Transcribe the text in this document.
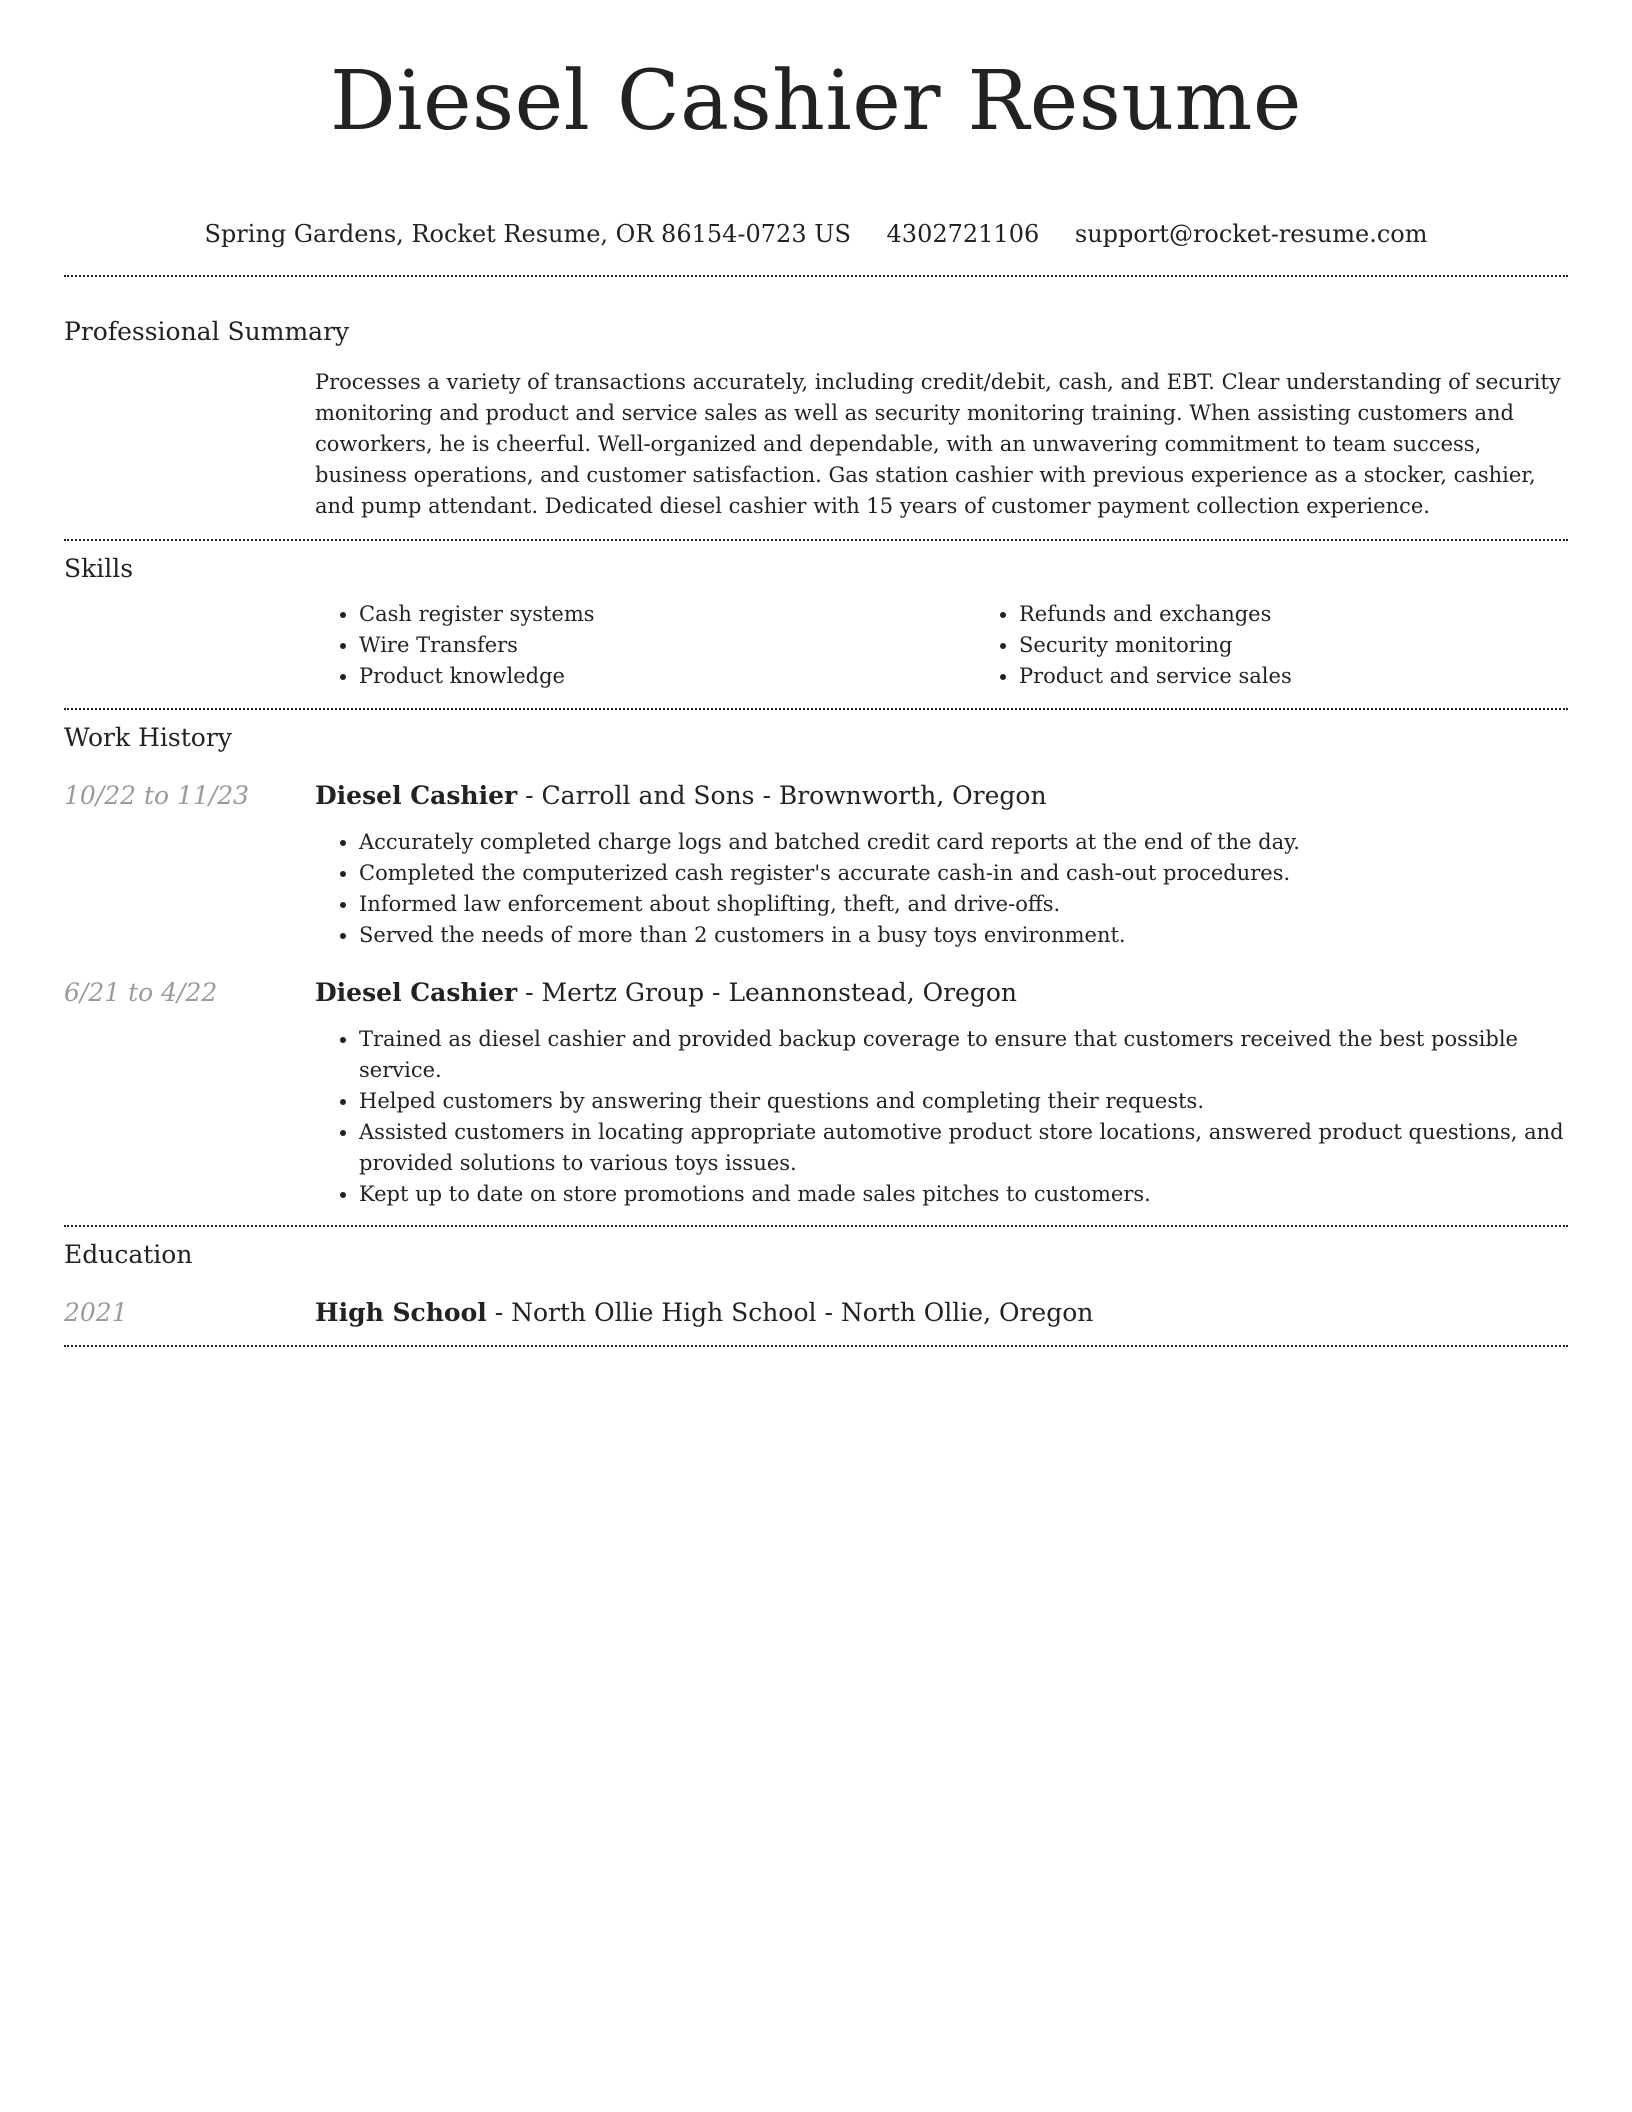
Diesel Cashier Resume
Spring Gardens, Rocket Resume, OR 86154-0723 US 4302721106 support@rocket-resume.com
Professional Summary

Processes a variety of transactions accurately, including credit/debit, cash, and EBT. Clear understanding of security monitoring and product and service sales as well as security monitoring training. When assisting customers and coworkers, he is cheerful. Well-organized and dependable, with an unwavering commitment to team success, business operations, and customer satisfaction. Gas station cashier with previous experience as a stocker, cashier, and pump attendant. Dedicated diesel cashier with 15 years of customer payment collection experience.

Skills
• Cash register systems
• Wire Transfers
• Product knowledge
• Refunds and exchanges
• Security monitoring
• Product and service sales
Work History
10/22 to 11/23	Diesel Cashier - Carroll and Sons - Brownworth, Oregon
• Accurately completed charge logs and batched credit card reports at the end of the day.
• Completed the computerized cash register's accurate cash-in and cash-out procedures.
• Informed law enforcement about shoplifting, theft, and drive-offs.
• Served the needs of more than 2 customers in a busy toys environment.
6/21 to 4/22	Diesel Cashier - Mertz Group - Leannonstead, Oregon
• Trained as diesel cashier and provided backup coverage to ensure that customers received the best possible service.
• Helped customers by answering their questions and completing their requests.
• Assisted customers in locating appropriate automotive product store locations, answered product questions, and provided solutions to various toys issues.
• Kept up to date on store promotions and made sales pitches to customers.
Education
2021	High School - North Ollie High School - North Ollie, Oregon
